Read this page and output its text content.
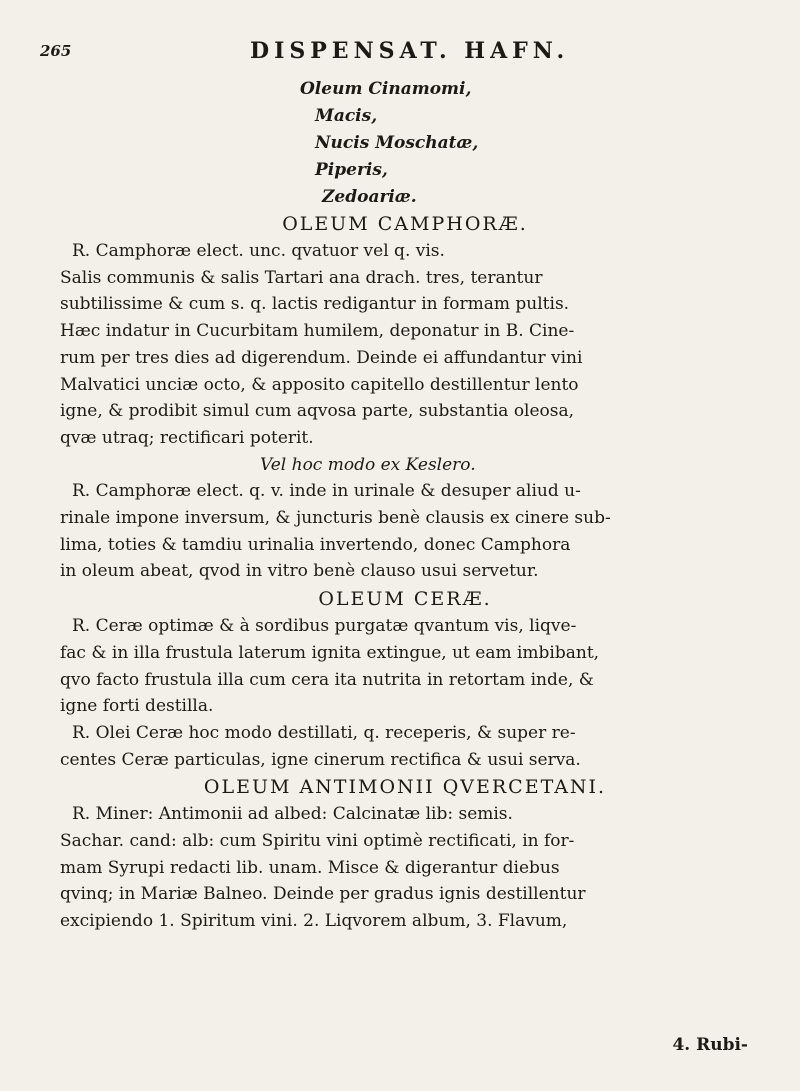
265	DISPENSAT. HAFN.
Oleum Cinamomi,
Macis,
Nucis Moschatæ,
Piperis,
Zedoariæ.
OLEUM CAMPHORÆ.
R. Camphoræ elect. unc. qvatuor vel q. vis.
Salis communis & salis Tartari ana drach. tres, terantur
subtilissime & cum s. q. lactis redigantur in formam pultis.
Hæc indatur in Cucurbitam humilem, deponatur in B. Cine-
rum per tres dies ad digerendum. Deinde ei affundantur vini
Malvatici unciæ octo, & apposito capitello destillentur lento
igne, & prodibit simul cum aqvosa parte, substantia oleosa,
qvæ utraq; rectificari poterit.
Vel hoc modo ex Keslero.
R. Camphoræ elect. q. v. inde in urinale & desuper aliud u-
rinale impone inversum, & juncturis benè clausis ex cinere sub-
lima, toties & tamdiu urinalia invertendo, donec Camphora
in oleum abeat, qvod in vitro benè clauso usui servetur.
OLEUM CERÆ.
R. Ceræ optimæ & à sordibus purgatæ qvantum vis, liqve-
fac & in illa frustula laterum ignita extingue, ut eam imbibant,
qvo facto frustula illa cum cera ita nutrita in retortam inde, &
igne forti destilla.
R. Olei Ceræ hoc modo destillati, q. receperis, & super re-
centes Ceræ particulas, igne cinerum rectifica & usui serva.
OLEUM ANTIMONII QVERCETANI.
R. Miner: Antimonii ad albed: Calcinatæ lib: semis.
Sachar. cand: alb: cum Spiritu vini optimè rectificati, in for-
mam Syrupi redacti lib. unam. Misce & digerantur diebus
qvinq; in Mariæ Balneo. Deinde per gradus ignis destillentur
excipiendo 1. Spiritum vini. 2. Liqvorem album, 3. Flavum,
4. Rubi-
